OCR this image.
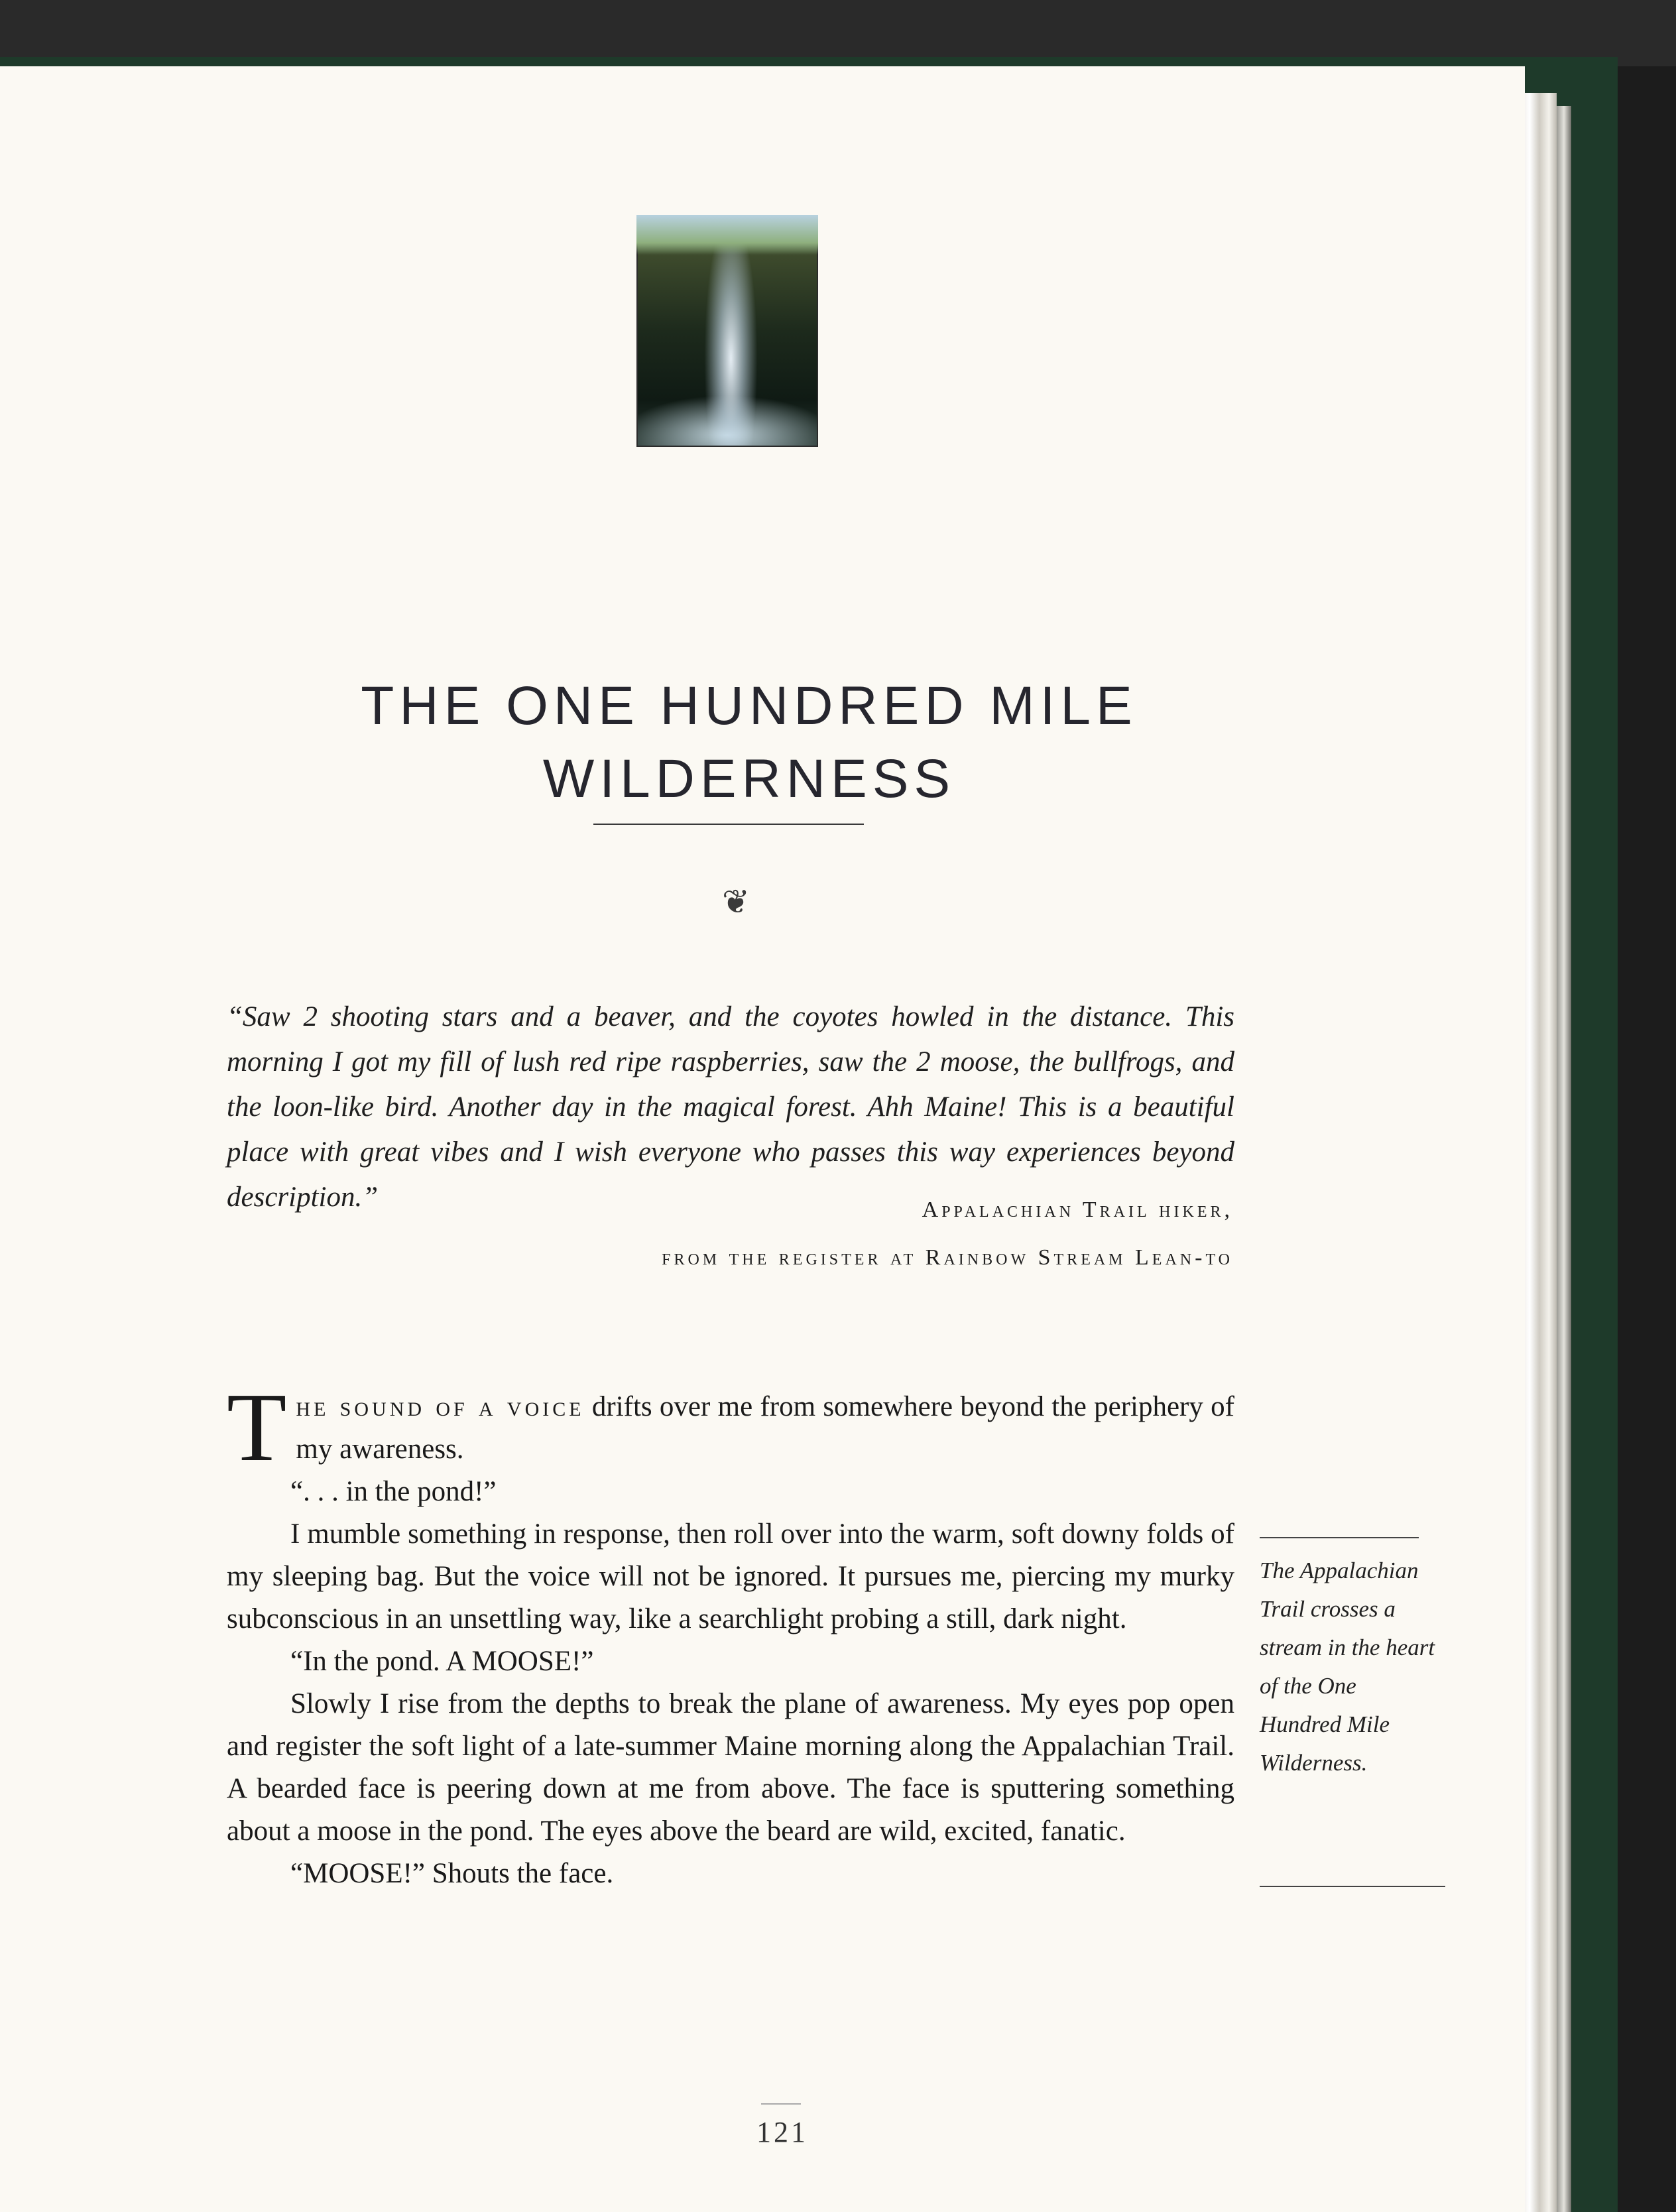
THE ONE HUNDRED MILE
WILDERNESS
❦
“Saw 2 shooting stars and a beaver, and the coyotes howled in the distance. This morning I got my fill of lush red ripe raspberries, saw the 2 moose, the bullfrogs, and the loon-like bird. Another day in the magical forest. Ahh Maine! This is a beautiful place with great vibes and I wish everyone who passes this way experiences beyond description.”	Appalachian Trail hiker,
from the register at Rainbow Stream Lean-to

The sound of a voice drifts over me from somewhere beyond the periphery of my awareness.

“. . . in the pond!”

I mumble something in response, then roll over into the warm, soft downy folds of my sleeping bag. But the voice will not be ignored. It pursues me, piercing my murky subconscious in an unsettling way, like a searchlight probing a still, dark night.

“In the pond. A MOOSE!”

Slowly I rise from the depths to break the plane of awareness. My eyes pop open and register the soft light of a late-summer Maine morning along the Appalachian Trail. A bearded face is peering down at me from above. The face is sputtering something about a moose in the pond. The eyes above the beard are wild, excited, fanatic.

“MOOSE!” Shouts the face.

The Appalachian Trail crosses a stream in the heart of the One Hundred Mile Wilderness.
121
